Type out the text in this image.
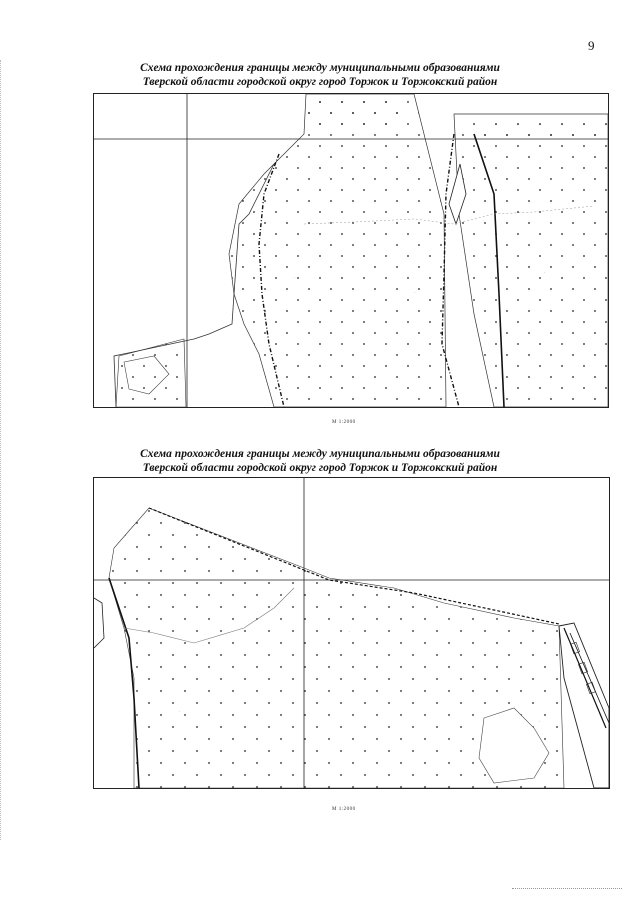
9
Схема прохождения границы между муниципальными образованиями
Тверской области городской округ город Торжок и Торжокский район
·
·
·
·
М 1:2000
Схема прохождения границы между муниципальными образованиями
Тверской области городской округ город Торжок и Торжокский район
·
·
·
М 1:2000
